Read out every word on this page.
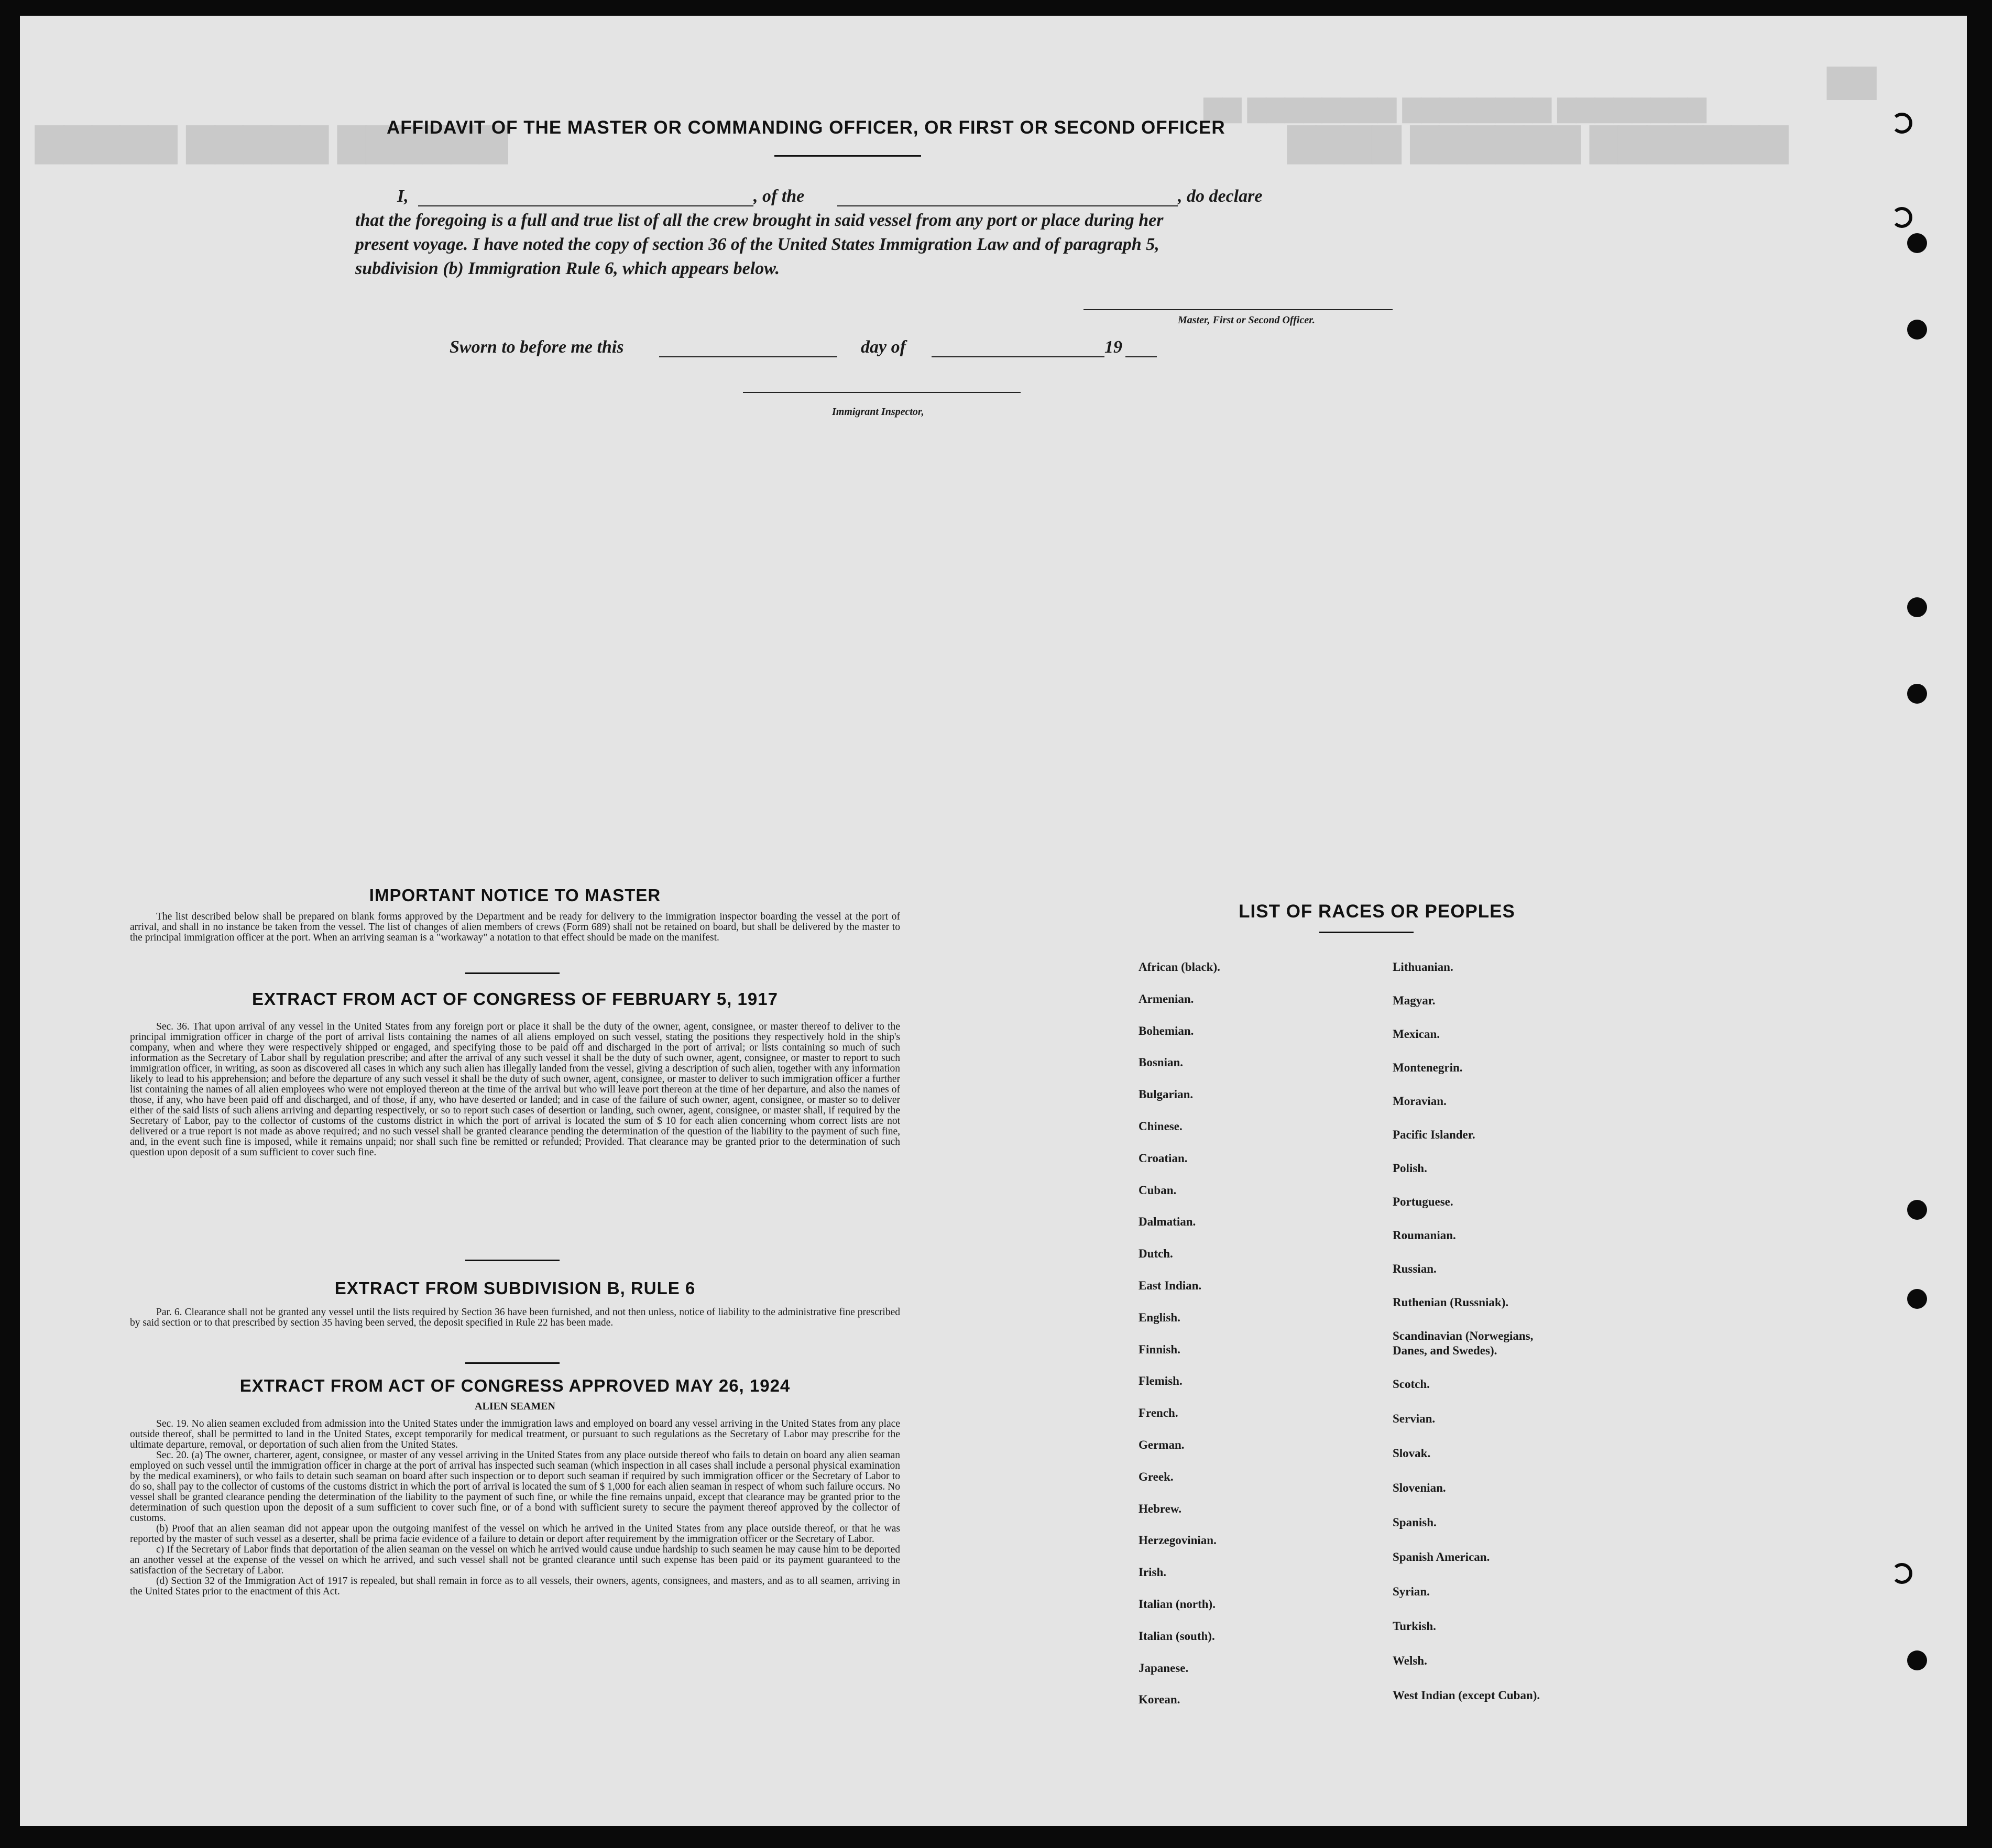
▇▇ ▇▇▇▇▇▇▇▇ ▇▇▇▇▇▇▇▇ ▇▇▇▇▇▇▇▇
▇▇▇▇▇ ▇▇▇▇▇ ▇▇▇▇▇▇	▇▇▇▇ ▇▇▇▇▇▇ ▇▇▇▇▇▇▇
▇▇
AFFIDAVIT OF THE MASTER OR COMMANDING OFFICER, OR FIRST OR SECOND OFFICER
I,	, of the	, do declare
that the foregoing is a full and true list of all the crew brought in said vessel from any port or place during her
present voyage. I have noted the copy of section 36 of the United States Immigration Law and of paragraph 5,
subdivision (b) Immigration Rule 6, which appears below.
Master, First or Second Officer.
Sworn to before me this	day of	19
Immigrant Inspector,
IMPORTANT NOTICE TO MASTER

The list described below shall be prepared on blank forms approved by the Department and be ready for delivery to the immigration inspector boarding the vessel at the port of arrival, and shall in no instance be taken from the vessel. The list of changes of alien members of crews (Form 689) shall not be retained on board, but shall be delivered by the master to the principal immigration officer at the port. When an arriving seaman is a "workaway" a notation to that effect should be made on the manifest.

EXTRACT FROM ACT OF CONGRESS OF FEBRUARY 5, 1917

Sec. 36. That upon arrival of any vessel in the United States from any foreign port or place it shall be the duty of the owner, agent, consignee, or master thereof to deliver to the principal immigration officer in charge of the port of arrival lists containing the names of all aliens employed on such vessel, stating the positions they respectively hold in the ship's company, when and where they were respectively shipped or engaged, and specifying those to be paid off and discharged in the port of arrival; or lists containing so much of such information as the Secretary of Labor shall by regulation prescribe; and after the arrival of any such vessel it shall be the duty of such owner, agent, consignee, or master to report to such immigration officer, in writing, as soon as discovered all cases in which any such alien has illegally landed from the vessel, giving a description of such alien, together with any information likely to lead to his apprehension; and before the departure of any such vessel it shall be the duty of such owner, agent, consignee, or master to deliver to such immigration officer a further list containing the names of all alien employees who were not employed thereon at the time of the arrival but who will leave port thereon at the time of her departure, and also the names of those, if any, who have been paid off and discharged, and of those, if any, who have deserted or landed; and in case of the failure of such owner, agent, consignee, or master so to deliver either of the said lists of such aliens arriving and departing respectively, or so to report such cases of desertion or landing, such owner, agent, consignee, or master shall, if required by the Secretary of Labor, pay to the collector of customs of the customs district in which the port of arrival is located the sum of $ 10 for each alien concerning whom correct lists are not delivered or a true report is not made as above required; and no such vessel shall be granted clearance pending the determination of the question of the liability to the payment of such fine, and, in the event such fine is imposed, while it remains unpaid; nor shall such fine be remitted or refunded; Provided. That clearance may be granted prior to the determination of such question upon deposit of a sum sufficient to cover such fine.

EXTRACT FROM SUBDIVISION B, RULE 6

Par. 6. Clearance shall not be granted any vessel until the lists required by Section 36 have been furnished, and not then unless, notice of liability to the administrative fine prescribed by said section or to that prescribed by section 35 having been served, the deposit specified in Rule 22 has been made.

EXTRACT FROM ACT OF CONGRESS APPROVED MAY 26, 1924
ALIEN SEAMEN

Sec. 19. No alien seamen excluded from admission into the United States under the immigration laws and employed on board any vessel arriving in the United States from any place outside thereof, shall be permitted to land in the United States, except temporarily for medical treatment, or pursuant to such regulations as the Secretary of Labor may prescribe for the ultimate departure, removal, or deportation of such alien from the United States.

Sec. 20. (a) The owner, charterer, agent, consignee, or master of any vessel arriving in the United States from any place outside thereof who fails to detain on board any alien seaman employed on such vessel until the immigration officer in charge at the port of arrival has inspected such seaman (which inspection in all cases shall include a personal physical examination by the medical examiners), or who fails to detain such seaman on board after such inspection or to deport such seaman if required by such immigration officer or the Secretary of Labor to do so, shall pay to the collector of customs of the customs district in which the port of arrival is located the sum of $ 1,000 for each alien seaman in respect of whom such failure occurs. No vessel shall be granted clearance pending the determination of the liability to the payment of such fine, or while the fine remains unpaid, except that clearance may be granted prior to the determination of such question upon the deposit of a sum sufficient to cover such fine, or of a bond with sufficient surety to secure the payment thereof approved by the collector of customs.

(b) Proof that an alien seaman did not appear upon the outgoing manifest of the vessel on which he arrived in the United States from any place outside thereof, or that he was reported by the master of such vessel as a deserter, shall be prima facie evidence of a failure to detain or deport after requirement by the immigration officer or the Secretary of Labor.

c) If the Secretary of Labor finds that deportation of the alien seaman on the vessel on which he arrived would cause undue hardship to such seamen he may cause him to be deported an another vessel at the expense of the vessel on which he arrived, and such vessel shall not be granted clearance until such expense has been paid or its payment guaranteed to the satisfaction of the Secretary of Labor.

(d) Section 32 of the Immigration Act of 1917 is repealed, but shall remain in force as to all vessels, their owners, agents, consignees, and masters, and as to all seamen, arriving in the United States prior to the enactment of this Act.

LIST OF RACES OR PEOPLES
African (black).
Armenian.
Bohemian.
Bosnian.
Bulgarian.
Chinese.
Croatian.
Cuban.
Dalmatian.
Dutch.
East Indian.
English.
Finnish.
Flemish.
French.
German.
Greek.
Hebrew.
Herzegovinian.
Irish.
Italian (north).
Italian (south).
Japanese.
Korean.
Lithuanian.
Magyar.
Mexican.
Montenegrin.
Moravian.
Pacific Islander.
Polish.
Portuguese.
Roumanian.
Russian.
Ruthenian (Russniak).
Scandinavian (Norwegians,
Danes, and Swedes).
Scotch.
Servian.
Slovak.
Slovenian.
Spanish.
Spanish American.
Syrian.
Turkish.
Welsh.
West Indian (except Cuban).
